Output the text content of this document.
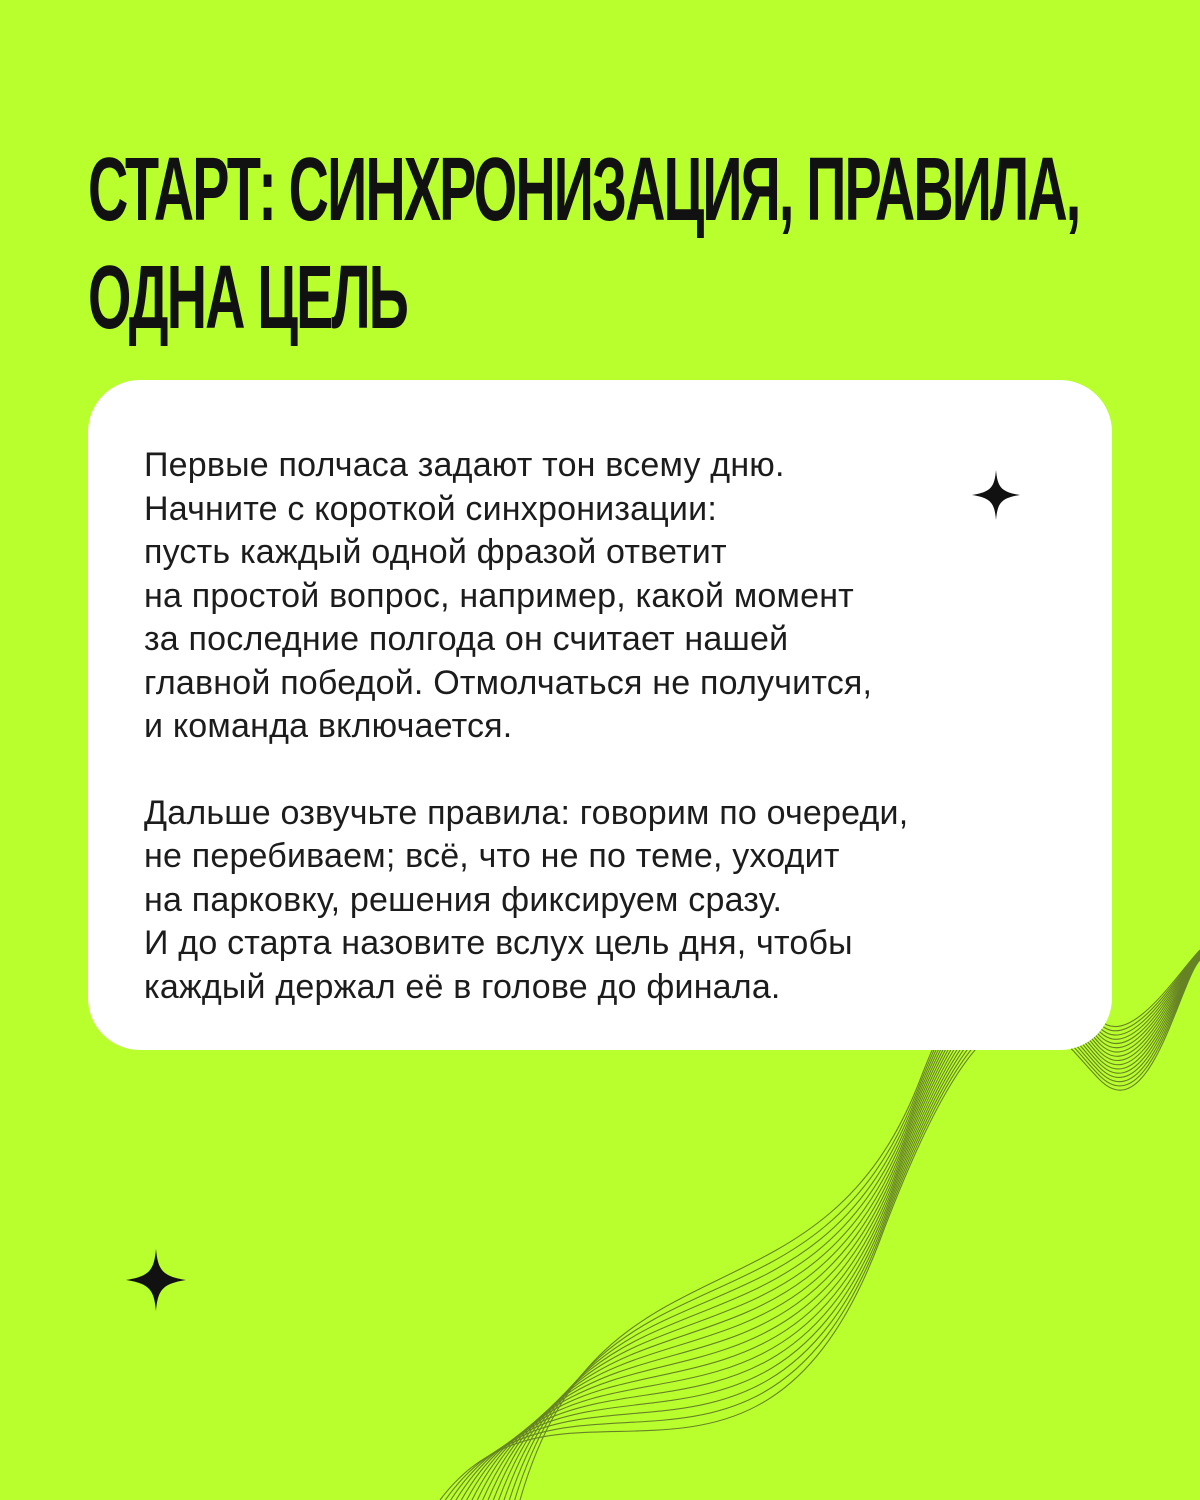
СТАРТ: СИНХРОНИЗАЦИЯ, ПРАВИЛА,
ОДНА ЦЕЛЬ

Первые полчаса задают тон всему дню.
Начните с короткой синхронизации:
пусть каждый одной фразой ответит
на простой вопрос, например, какой момент
за последние полгода он считает нашей
главной победой. Отмолчаться не получится,
и команда включается.

Дальше озвучьте правила: говорим по очереди,
не перебиваем; всё, что не по теме, уходит
на парковку, решения фиксируем сразу.
И до старта назовите вслух цель дня, чтобы
каждый держал её в голове до финала.
